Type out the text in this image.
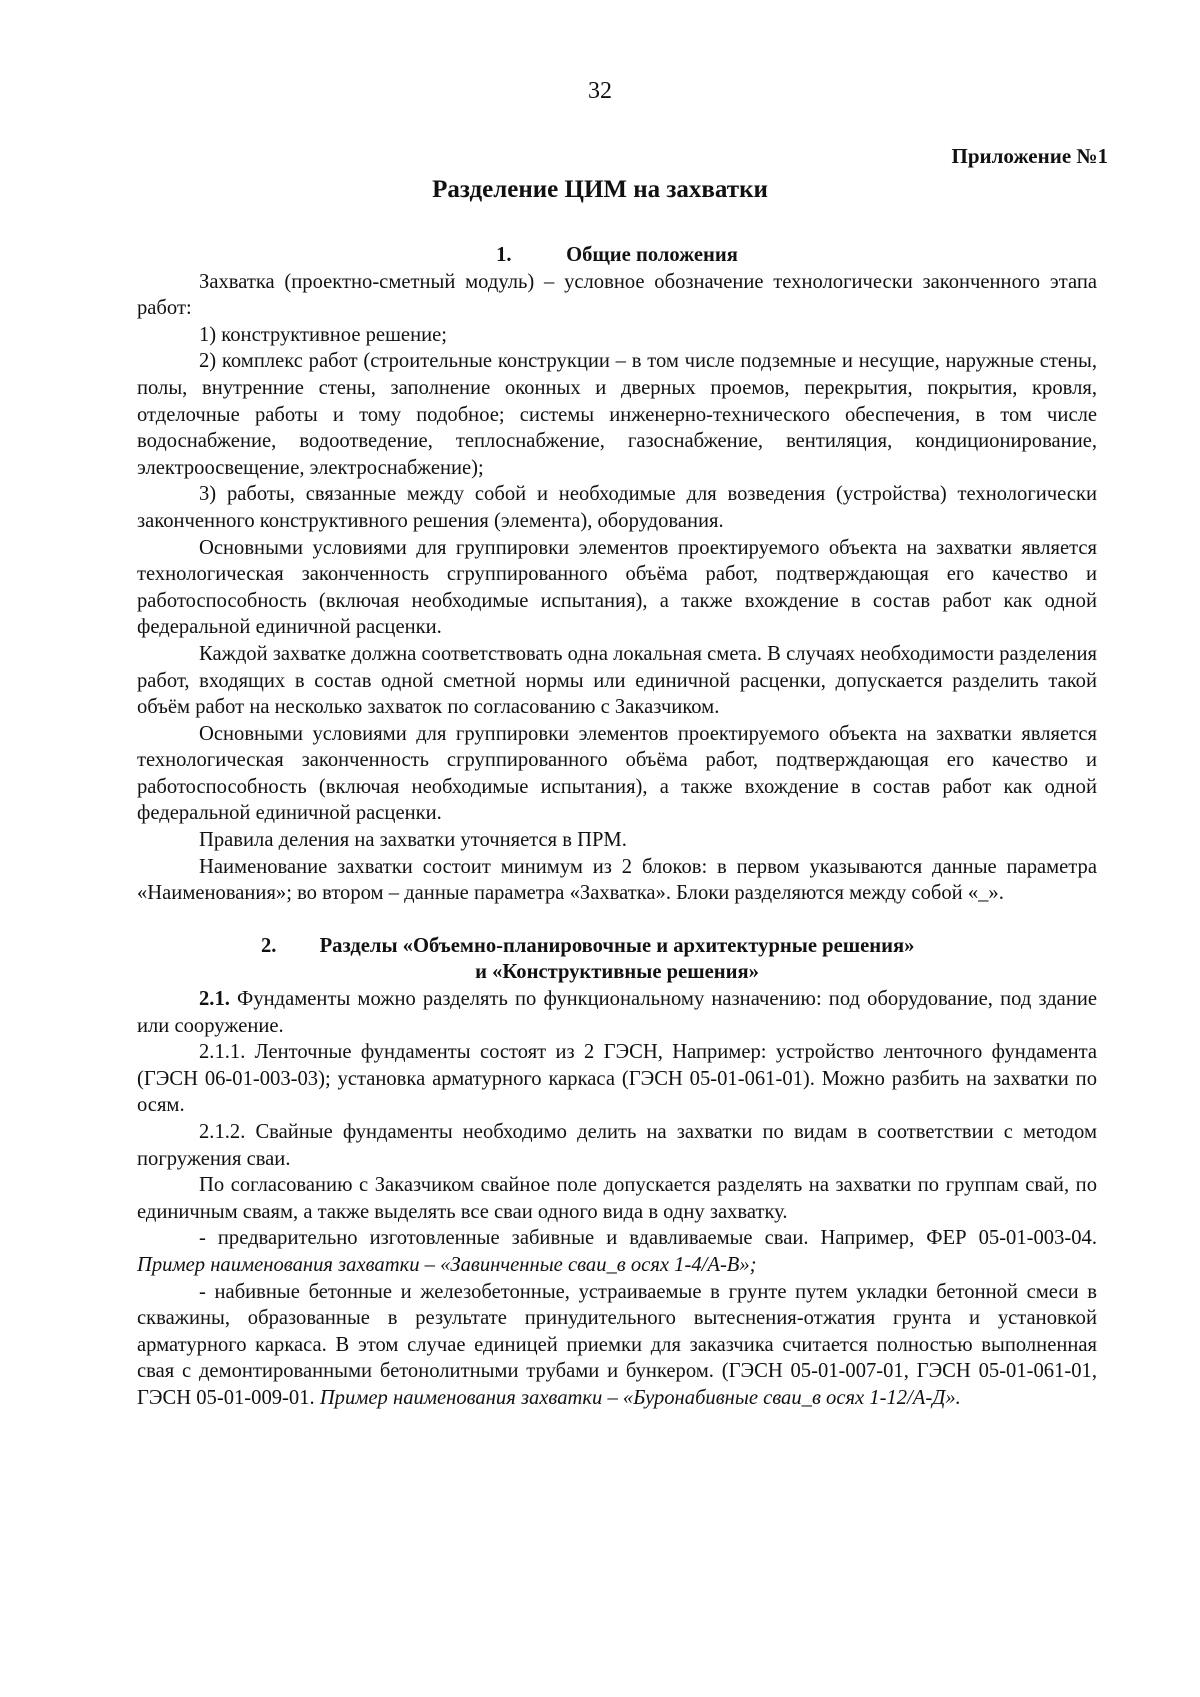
32
Приложение №1
Разделение ЦИМ на захватки
1.	Общие положения

Захватка (проектно-сметный модуль) – условное обозначение технологически законченного этапа работ:

1) конструктивное решение;

2) комплекс работ (строительные конструкции – в том числе подземные и несущие, наружные стены, полы, внутренние стены, заполнение оконных и дверных проемов, перекрытия, покрытия, кровля, отделочные работы и тому подобное; системы инженерно-технического обеспечения, в том числе водоснабжение, водоотведение, теплоснабжение, газоснабжение, вентиляция, кондиционирование, электроосвещение, электроснабжение);

3) работы, связанные между собой и необходимые для возведения (устройства) технологически законченного конструктивного решения (элемента), оборудования.

Основными условиями для группировки элементов проектируемого объекта на захватки является технологическая законченность сгруппированного объёма работ, подтверждающая его качество и работоспособность (включая необходимые испытания), а также вхождение в состав работ как одной федеральной единичной расценки.

Каждой захватке должна соответствовать одна локальная смета. В случаях необходимости разделения работ, входящих в состав одной сметной нормы или единичной расценки, допускается разделить такой объём работ на несколько захваток по согласованию с Заказчиком.

Основными условиями для группировки элементов проектируемого объекта на захватки является технологическая законченность сгруппированного объёма работ, подтверждающая его качество и работоспособность (включая необходимые испытания), а также вхождение в состав работ как одной федеральной единичной расценки.

Правила деления на захватки уточняется в ПРМ.

Наименование захватки состоит минимум из 2 блоков: в первом указываются данные параметра «Наименования»; во втором – данные параметра «Захватка». Блоки разделяются между собой «_».

2.	Разделы «Объемно-планировочные и архитектурные решения»
и «Конструктивные решения»

2.1. Фундаменты можно разделять по функциональному назначению: под оборудование, под здание или сооружение.

2.1.1. Ленточные фундаменты состоят из 2 ГЭСН, Например: устройство ленточного фундамента (ГЭСН 06-01-003-03); установка арматурного каркаса (ГЭСН 05-01-061-01). Можно разбить на захватки по осям.

2.1.2. Свайные фундаменты необходимо делить на захватки по видам в соответствии с методом погружения сваи.

По согласованию с Заказчиком свайное поле допускается разделять на захватки по группам свай, по единичным сваям, а также выделять все сваи одного вида в одну захватку.

- предварительно изготовленные забивные и вдавливаемые сваи. Например, ФЕР 05-01-003-04. Пример наименования захватки – «Завинченные сваи_в осях 1-4/А-В»;

- набивные бетонные и железобетонные, устраиваемые в грунте путем укладки бетонной смеси в скважины, образованные в результате принудительного вытеснения-отжатия грунта и установкой арматурного каркаса. В этом случае единицей приемки для заказчика считается полностью выполненная свая с демонтированными бетонолитными трубами и бункером. (ГЭСН 05-01-007-01, ГЭСН 05-01-061-01, ГЭСН 05-01-009-01. Пример наименования захватки – «Буронабивные сваи_в осях 1-12/А-Д».
